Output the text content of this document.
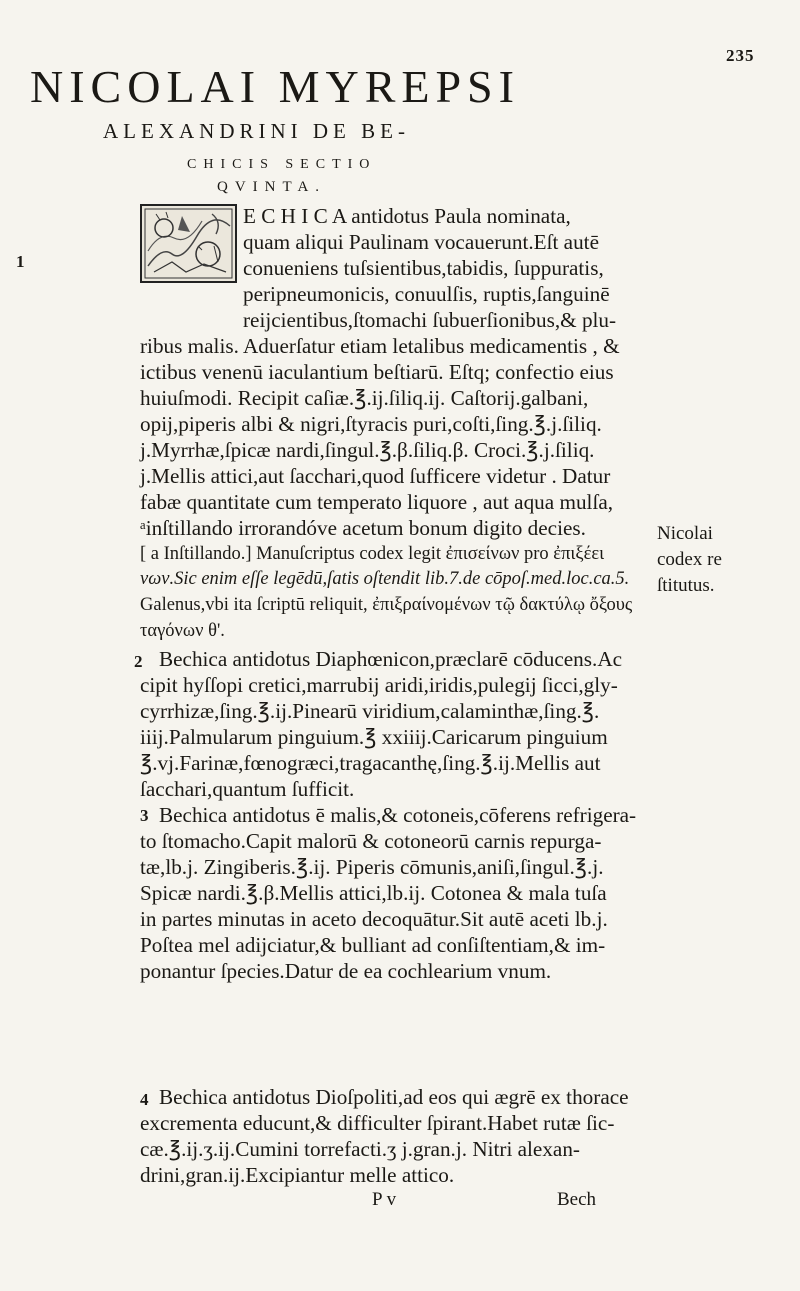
235
NICOLAI MYREPSI
ALEXANDRINI DE BE-
CHICIS SECTIO
QVINTA.
1
E C H I C A antidotus Paula nominata,
quam aliqui Paulinam vocauerunt.Eſt autē
conueniens tuſsientibus,tabidis, ſuppuratis,
peripneumonicis, conuulſis, ruptis,ſanguinē
reijcientibus,ſtomachi ſubuerſionibus,& plu-
ribus malis. Aduerſatur etiam letalibus medicamentis , &
ictibus venenū iaculantium beſtiarū. Eſtq; confectio eius
huiuſmodi. Recipit caſiæ.℥.ij.ſiliq.ij. Caſtorij.galbani,
opij,piperis albi & nigri,ſtyracis puri,coſti,ſing.℥.j.ſiliq.
j.Myrrhæ,ſpicæ nardi,ſingul.℥.β.ſiliq.β. Croci.℥.j.ſiliq.
j.Mellis attici,aut ſacchari,quod ſufficere videtur . Datur
fabæ quantitate cum temperato liquore , aut aqua mulſa,
ᵃinſtillando irrorandóve acetum bonum digito decies.
[ a Inſtillando.] Manuſcriptus codex legit ἐπισείνων pro ἐπιξέει
νων.Sic enim eſſe legēdū,ſatis oſtendit lib.7.de cōpoſ.med.loc.ca.5.
Galenus,vbi ita ſcriptū reliquit, ἐπιξραίνομένων τῷ δακτύλῳ ὄξους
ταγόνων θ'.
Nicolai
codex re
ſtitutus.
2 Bechica antidotus Diaphœnicon,præclarē cōducens.Ac
cipit hyſſopi cretici,marrubij aridi,iridis,pulegij ſicci,gly-
cyrrhizæ,ſing.℥.ij.Pinearū viridium,calaminthæ,ſing.℥.
iiij.Palmularum pinguium.℥ xxiiij.Caricarum pinguium
℥.vj.Farinæ,fœnogræci,tragacanthę,ſing.℥.ij.Mellis aut
ſacchari,quantum ſufficit.
3 Bechica antidotus ē malis,& cotoneis,cōferens refrigera-
to ſtomacho.Capit malorū & cotoneorū carnis repurga-
tæ,lb.j. Zingiberis.℥.ij. Piperis cōmunis,aniſi,ſingul.℥.j.
Spicæ nardi.℥.β.Mellis attici,lb.ij. Cotonea & mala tuſa
in partes minutas in aceto decoquātur.Sit autē aceti lb.j.
Poſtea mel adijciatur,& bulliant ad conſiſtentiam,& im-
ponantur ſpecies.Datur de ea cochlearium vnum.
4 Bechica antidotus Dioſpoliti,ad eos qui ægrē ex thorace
excrementa educunt,& difficulter ſpirant.Habet rutæ ſic-
cæ.℥.ij.ʒ.ij.Cumini torrefacti.ʒ j.gran.j. Nitri alexan-
drini,gran.ij.Excipiantur melle attico.
P v	Bech
